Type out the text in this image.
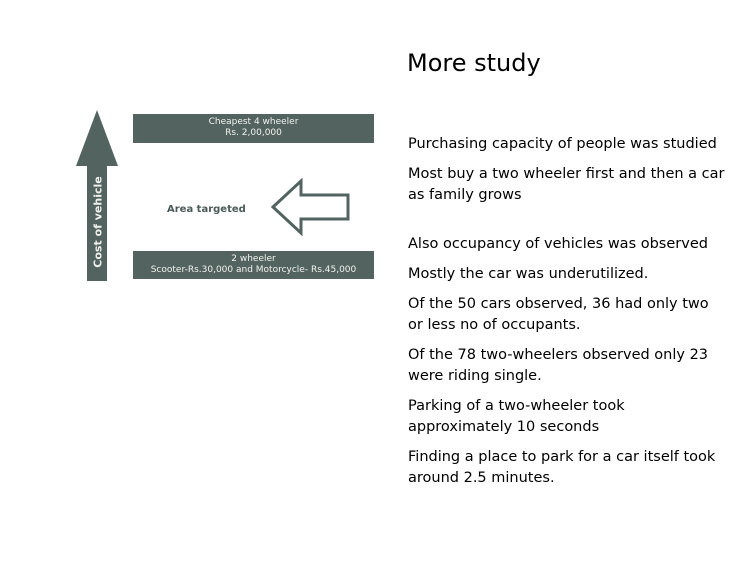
More study
Cost of vehicle
Cheapest 4 wheeler
Rs. 2,00,000
Area targeted
2 wheeler
Scooter-Rs.30,000 and Motorcycle- Rs.45,000

Purchasing capacity of people was studied

Most buy a two wheeler first and then a car as family grows

Also occupancy of vehicles was observed

Mostly the car was underutilized.

Of the 50 cars observed, 36 had only two or less no of occupants.

Of the 78 two-wheelers observed only 23 were riding single.

Parking of a two-wheeler took approximately 10 seconds

Finding a place to park for a car itself took around 2.5 minutes.
